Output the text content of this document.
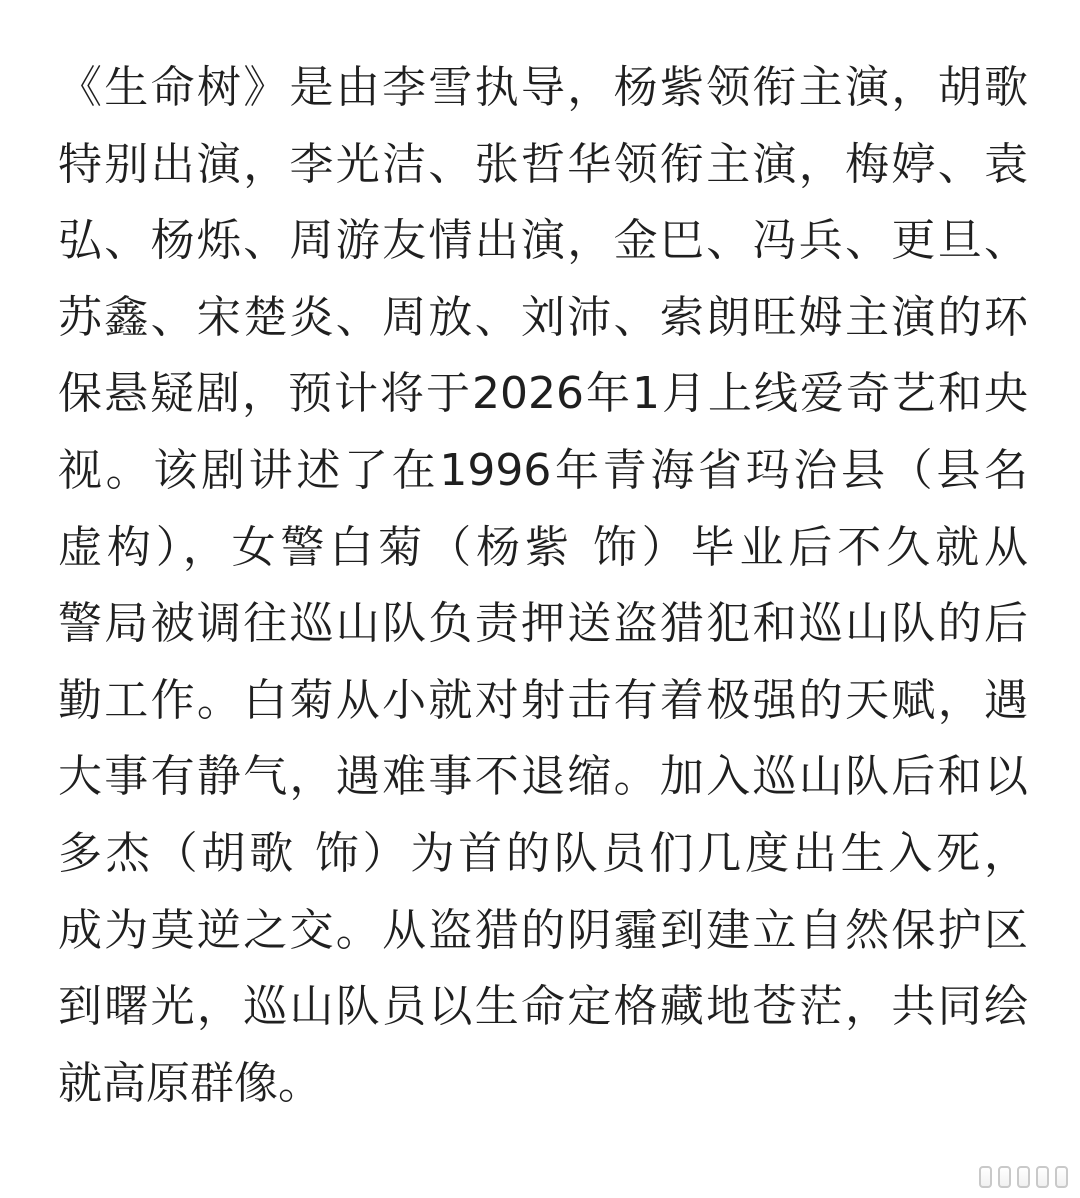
《生命树》是由李雪执导，杨紫领衔主演，胡歌
特别出演，李光洁、张哲华领衔主演，梅婷、袁
弘、杨烁、周游友情出演，金巴、冯兵、更旦、
苏鑫、宋楚炎、周放、刘沛、索朗旺姆主演的环
保悬疑剧，预计将于2026年1月上线爱奇艺和央
视。该剧讲述了在1996年青海省玛治县（县名
虚构），女警白菊（杨紫 饰）毕业后不久就从
警局被调往巡山队负责押送盗猎犯和巡山队的后
勤工作。白菊从小就对射击有着极强的天赋，遇
大事有静气，遇难事不退缩。加入巡山队后和以
多杰（胡歌 饰）为首的队员们几度出生入死，
成为莫逆之交。从盗猎的阴霾到建立自然保护区
到曙光，巡山队员以生命定格藏地苍茫，共同绘
就高原群像。
